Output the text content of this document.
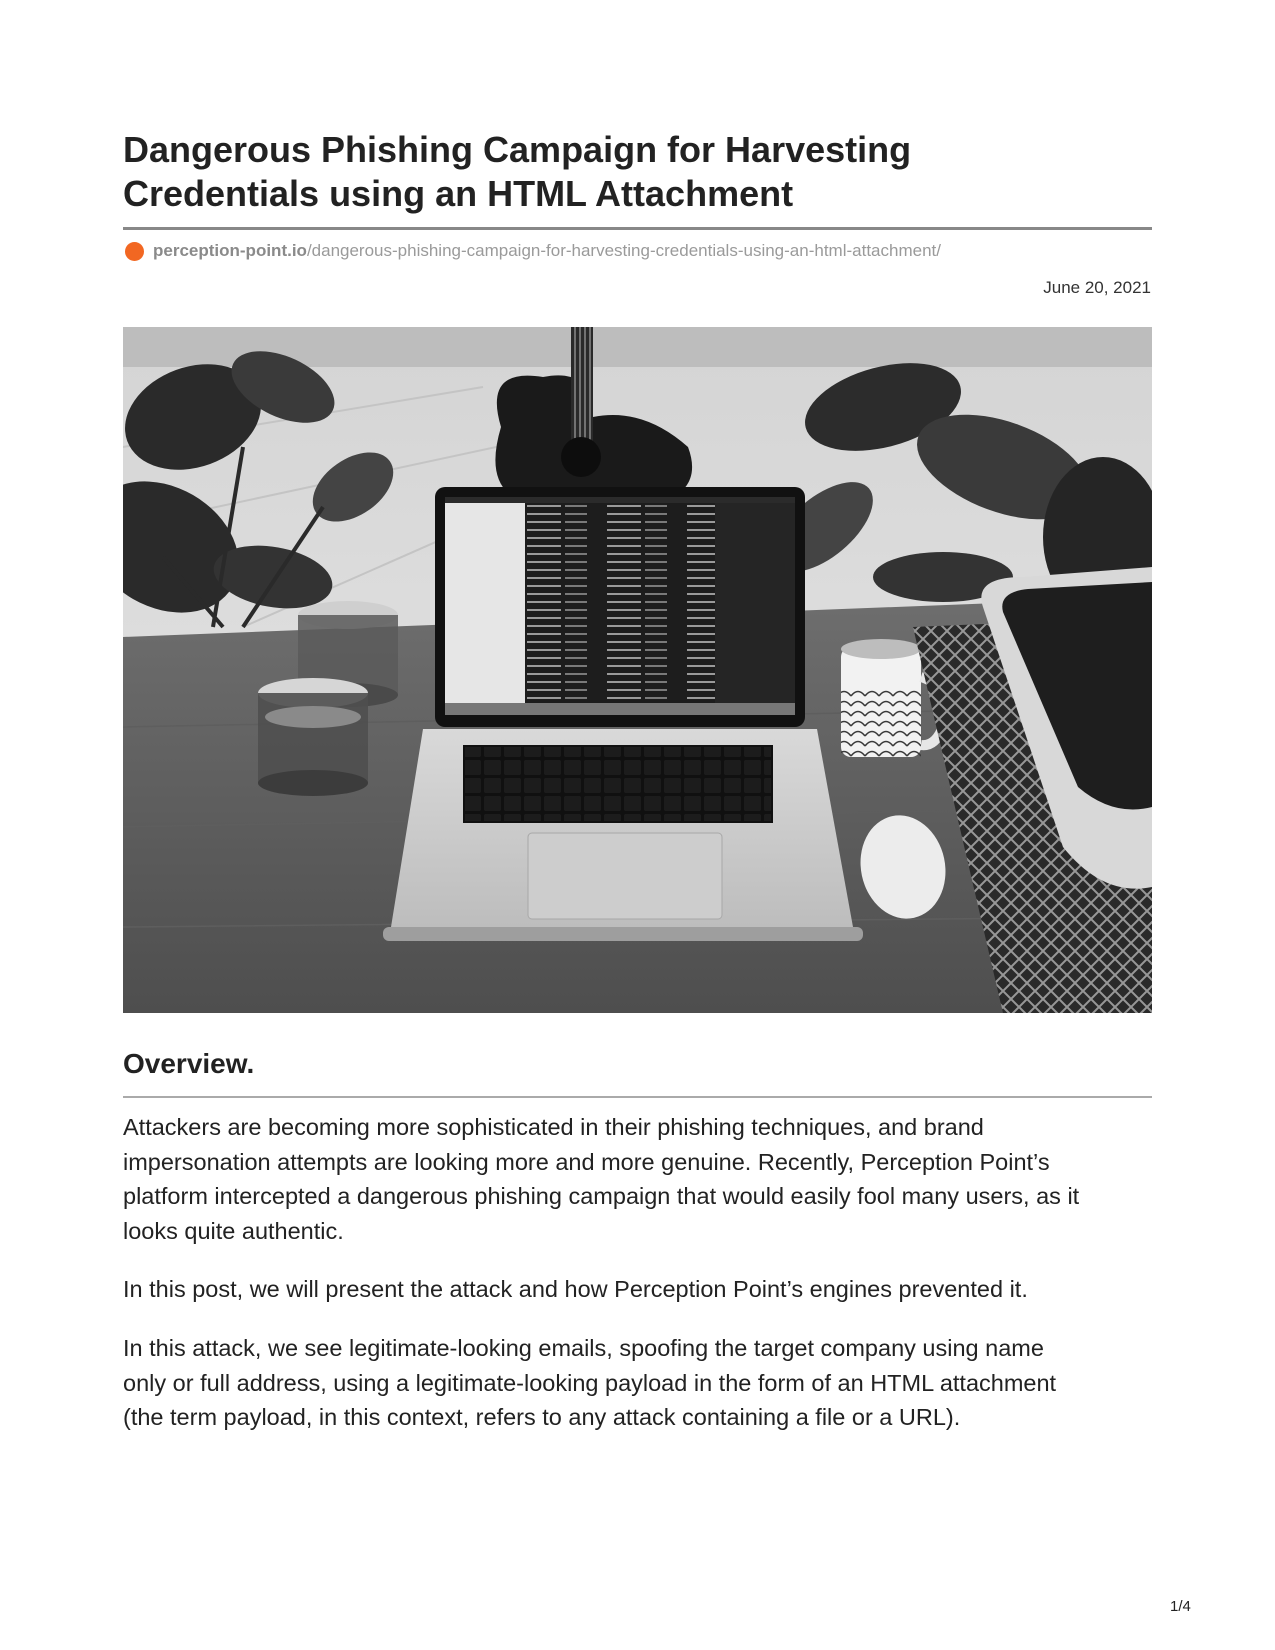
Dangerous Phishing Campaign for Harvesting
Credentials using an HTML Attachment
perception-point.io /dangerous-phishing-campaign-for-harvesting-credentials-using-an-html-attachment/
June 20, 2021
Overview.

Attackers are becoming more sophisticated in their phishing techniques, and brand
impersonation attempts are looking more and more genuine. Recently, Perception Point’s
platform intercepted a dangerous phishing campaign that would easily fool many users, as it
looks quite authentic.

In this post, we will present the attack and how Perception Point’s engines prevented it.

In this attack, we see legitimate-looking emails, spoofing the target company using name
only or full address, using a legitimate-looking payload in the form of an HTML attachment
(the term payload, in this context, refers to any attack containing a file or a URL).

1/4
